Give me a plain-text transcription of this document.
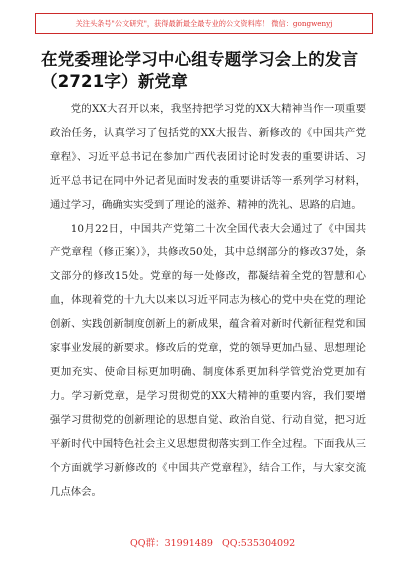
关注头条号"公文研究"，获得最新最全最专业的公文资料库！ 微信：gongwenyj
在党委理论学习中心组专题学习会上的发言（2721字）新党章

党的XX大召开以来，我坚持把学习党的XX大精神当作一项重要政治任务，认真学习了包括党的XX大报告、新修改的《中国共产党章程》、习近平总书记在参加广西代表团讨论时发表的重要讲话、习近平总书记在同中外记者见面时发表的重要讲话等一系列学习材料，通过学习，确确实实受到了理论的滋养、精神的洗礼、思路的启迪。

10月22日，中国共产党第二十次全国代表大会通过了《中国共产党章程（修正案）》，共修改50处，其中总纲部分的修改37处，条文部分的修改15处。党章的每一处修改，都凝结着全党的智慧和心血，体现着党的十九大以来以习近平同志为核心的党中央在党的理论创新、实践创新制度创新上的新成果，蕴含着对新时代新征程党和国家事业发展的新要求。修改后的党章，党的领导更加凸显、思想理论更加充实、使命目标更加明确、制度体系更加科学管党治党更加有力。学习新党章，是学习贯彻党的XX大精神的重要内容，我们要增强学习贯彻党的创新理论的思想自觉、政治自觉、行动自觉，把习近平新时代中国特色社会主义思想贯彻落实到工作全过程。下面我从三个方面就学习新修改的《中国共产党章程》，结合工作，与大家交流几点体会。

QQ群：31991489 QQ:535304092
